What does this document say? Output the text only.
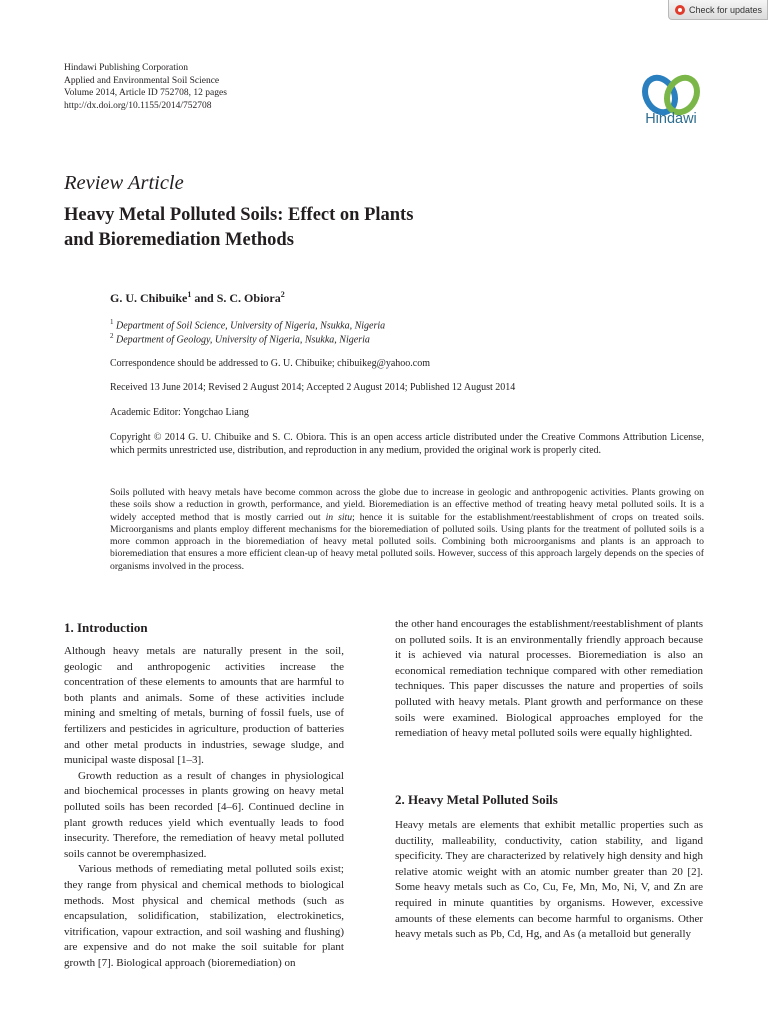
Check for updates
Hindawi Publishing Corporation
Applied and Environmental Soil Science
Volume 2014, Article ID 752708, 12 pages
http://dx.doi.org/10.1155/2014/752708
Hindawi
Review Article
Heavy Metal Polluted Soils: Effect on Plants
and Bioremediation Methods
G. U. Chibuike$^1$ and S. C. Obiora$^2$
$^1$ Department of Soil Science, University of Nigeria, Nsukka, Nigeria
$^2$ Department of Geology, University of Nigeria, Nsukka, Nigeria
Correspondence should be addressed to G. U. Chibuike; chibuikeg@yahoo.com
Received 13 June 2014; Revised 2 August 2014; Accepted 2 August 2014; Published 12 August 2014
Academic Editor: Yongchao Liang
Copyright © 2014 G. U. Chibuike and S. C. Obiora. This is an open access article distributed under the Creative Commons Attribution License, which permits unrestricted use, distribution, and reproduction in any medium, provided the original work is properly cited.
Soils polluted with heavy metals have become common across the globe due to increase in geologic and anthropogenic activities. Plants growing on these soils show a reduction in growth, performance, and yield. Bioremediation is an effective method of treating heavy metal polluted soils. It is a widely accepted method that is mostly carried out in situ; hence it is suitable for the establishment/reestablishment of crops on treated soils. Microorganisms and plants employ different mechanisms for the bioremediation of polluted soils. Using plants for the treatment of polluted soils is a more common approach in the bioremediation of heavy metal polluted soils. Combining both microorganisms and plants is an approach to bioremediation that ensures a more efficient clean-up of heavy metal polluted soils. However, success of this approach largely depends on the species of organisms involved in the process.
1. Introduction

Although heavy metals are naturally present in the soil, geologic and anthropogenic activities increase the concentration of these elements to amounts that are harmful to both plants and animals. Some of these activities include mining and smelting of metals, burning of fossil fuels, use of fertilizers and pesticides in agriculture, production of batteries and other metal products in industries, sewage sludge, and municipal waste disposal [1–3].

Growth reduction as a result of changes in physiological and biochemical processes in plants growing on heavy metal polluted soils has been recorded [4–6]. Continued decline in plant growth reduces yield which eventually leads to food insecurity. Therefore, the remediation of heavy metal polluted soils cannot be overemphasized.

Various methods of remediating metal polluted soils exist; they range from physical and chemical methods to biological methods. Most physical and chemical methods (such as encapsulation, solidification, stabilization, electrokinetics, vitrification, vapour extraction, and soil washing and flushing) are expensive and do not make the soil suitable for plant growth [7]. Biological approach (bioremediation) on

the other hand encourages the establishment/reestablishment of plants on polluted soils. It is an environmentally friendly approach because it is achieved via natural processes. Bioremediation is also an economical remediation technique compared with other remediation techniques. This paper discusses the nature and properties of soils polluted with heavy metals. Plant growth and performance on these soils were examined. Biological approaches employed for the remediation of heavy metal polluted soils were equally highlighted.

2. Heavy Metal Polluted Soils

Heavy metals are elements that exhibit metallic properties such as ductility, malleability, conductivity, cation stability, and ligand specificity. They are characterized by relatively high density and high relative atomic weight with an atomic number greater than 20 [2]. Some heavy metals such as Co, Cu, Fe, Mn, Mo, Ni, V, and Zn are required in minute quantities by organisms. However, excessive amounts of these elements can become harmful to organisms. Other heavy metals such as Pb, Cd, Hg, and As (a metalloid but generally
